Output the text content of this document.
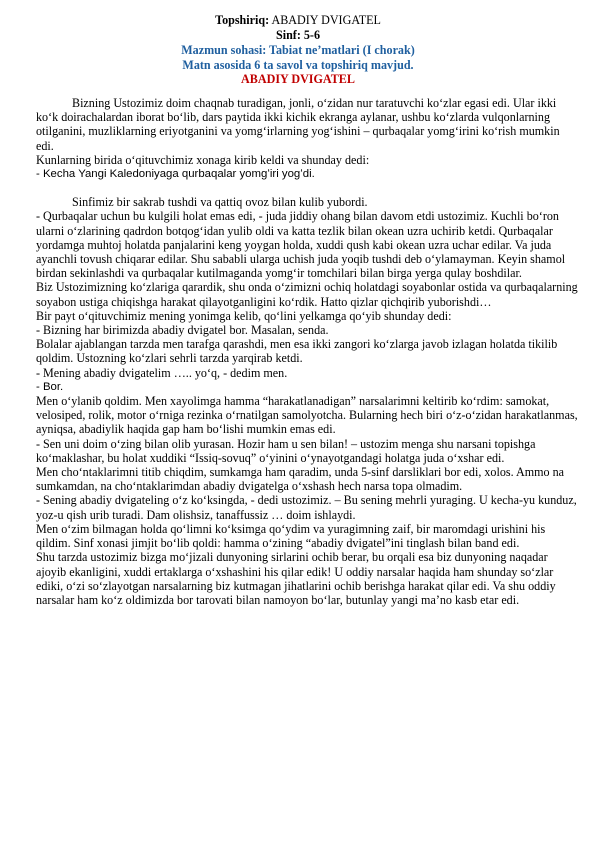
Topshiriq: ABADIY DVIGATEL
Sinf: 5-6
Mazmun sohasi: Tabiat ne’matlari (I chorak)
Matn asosida 6 ta savol va topshiriq mavjud.
ABADIY DVIGATEL

Bizning Ustozimiz doim chaqnab turadigan, jonli, oʻzidan nur taratuvchi koʻzlar egasi edi. Ular ikki koʻk doirachalardan iborat boʻlib, dars paytida ikki kichik ekranga aylanar, ushbu koʻzlarda vulqonlarning otilganini, muzliklarning eriyotganini va yomgʻirlarning yogʻishini – qurbaqalar yomgʻirini koʻrish mumkin edi.

Kunlarning birida oʻqituvchimiz xonaga kirib keldi va shunday dedi:

- Kecha Yangi Kaledoniyaga qurbaqalar yomgʻiri yogʻdi.

Sinfimiz bir sakrab tushdi va qattiq ovoz bilan kulib yubordi.

- Qurbaqalar uchun bu kulgili holat emas edi, - juda jiddiy ohang bilan davom etdi ustozimiz. Kuchli boʻron ularni oʻzlarining qadrdon botqogʻidan yulib oldi va katta tezlik bilan okean uzra uchirib ketdi. Qurbaqalar yordamga muhtoj holatda panjalarini keng yoygan holda, xuddi qush kabi okean uzra uchar edilar. Va juda ayanchli tovush chiqarar edilar. Shu sababli ularga uchish juda yoqib tushdi deb oʻylamayman. Keyin shamol birdan sekinlashdi va qurbaqalar kutilmaganda yomgʻir tomchilari bilan birga yerga qulay boshdilar.

Biz Ustozimizning koʻzlariga qarardik, shu onda oʻzimizni ochiq holatdagi soyabonlar ostida va qurbaqalarning soyabon ustiga chiqishga harakat qilayotganligini koʻrdik. Hatto qizlar qichqirib yuborishdi…

Bir payt oʻqituvchimiz mening yonimga kelib, qoʻlini yelkamga qoʻyib shunday dedi:

- Bizning har birimizda abadiy dvigatel bor. Masalan, senda.

Bolalar ajablangan tarzda men tarafga qarashdi, men esa ikki zangori koʻzlarga javob izlagan holatda tikilib qoldim. Ustozning koʻzlari sehrli tarzda yarqirab ketdi.

- Mening abadiy dvigatelim ….. yoʻq, - dedim men.

- Bor.

Men oʻylanib qoldim. Men xayolimga hamma “harakatlanadigan” narsalarimni keltirib koʻrdim: samokat, velosiped, rolik, motor oʻrniga rezinka oʻrnatilgan samolyotcha. Bularning hech biri oʻz-oʻzidan harakatlanmas, ayniqsa, abadiylik haqida gap ham boʻlishi mumkin emas edi.

- Sen uni doim oʻzing bilan olib yurasan. Hozir ham u sen bilan! – ustozim menga shu narsani topishga koʻmaklashar, bu holat xuddiki “Issiq-sovuq” oʻyinini oʻynayotgandagi holatga juda oʻxshar edi.

Men choʻntaklarimni titib chiqdim, sumkamga ham qaradim, unda 5-sinf darsliklari bor edi, xolos. Ammo na sumkamdan, na choʻntaklarimdan abadiy dvigatelga oʻxshash hech narsa topa olmadim.

- Sening abadiy dvigateling oʻz koʻksingda, - dedi ustozimiz. – Bu sening mehrli yuraging. U kecha-yu kunduz, yoz-u qish urib turadi. Dam olishsiz, tanaffussiz … doim ishlaydi.

Men oʻzim bilmagan holda qoʻlimni koʻksimga qoʻydim va yuragimning zaif, bir maromdagi urishini his qildim. Sinf xonasi jimjit boʻlib qoldi: hamma oʻzining “abadiy dvigatel”ini tinglash bilan band edi.

Shu tarzda ustozimiz bizga moʻjizali dunyoning sirlarini ochib berar, bu orqali esa biz dunyoning naqadar ajoyib ekanligini, xuddi ertaklarga oʻxshashini his qilar edik! U oddiy narsalar haqida ham shunday soʻzlar ediki, oʻzi soʻzlayotgan narsalarning biz kutmagan jihatlarini ochib berishga harakat qilar edi. Va shu oddiy narsalar ham koʻz oldimizda bor tarovati bilan namoyon boʻlar, butunlay yangi maʼno kasb etar edi.
